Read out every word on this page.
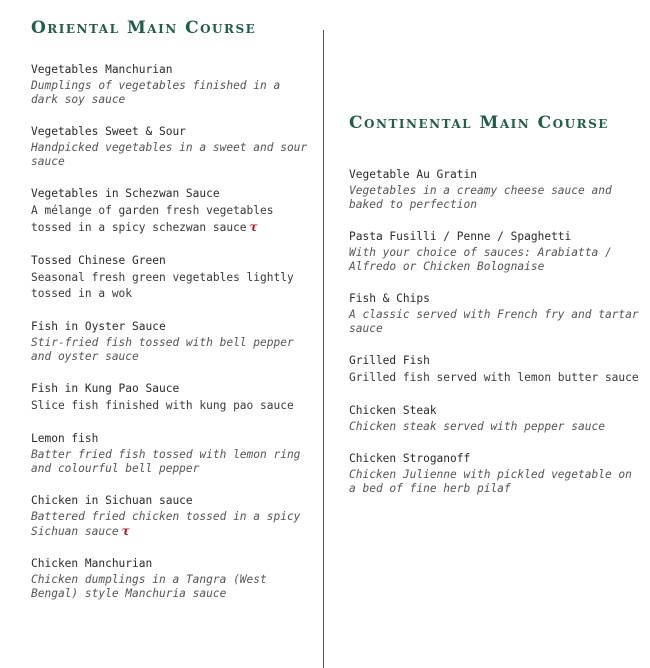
Oriental Main Course
Vegetables Manchurian
Dumplings of vegetables finished in a dark soy sauce
Vegetables Sweet & Sour
Handpicked vegetables in a sweet and sour sauce
Vegetables in Schezwan Sauce
A mélange of garden fresh vegetables tossed in a spicy schezwan sauce τ
Tossed Chinese Green
Seasonal fresh green vegetables lightly tossed in a wok
Fish in Oyster Sauce
Stir-fried fish tossed with bell pepper and oyster sauce
Fish in Kung Pao Sauce
Slice fish finished with kung pao sauce
Lemon fish
Batter fried fish tossed with lemon ring and colourful bell pepper
Chicken in Sichuan sauce
Battered fried chicken tossed in a spicy Sichuan sauce τ
Chicken Manchurian
Chicken dumplings in a Tangra (West Bengal) style Manchuria sauce
Continental Main Course
Vegetable Au Gratin
Vegetables in a creamy cheese sauce and baked to perfection
Pasta Fusilli / Penne / Spaghetti
With your choice of sauces: Arabiatta / Alfredo or Chicken Bolognaise
Fish & Chips
A classic served with French fry and tartar sauce
Grilled Fish
Grilled fish served with lemon butter sauce
Chicken Steak
Chicken steak served with pepper sauce
Chicken Stroganoff
Chicken Julienne with pickled vegetable on a bed of fine herb pilaf
